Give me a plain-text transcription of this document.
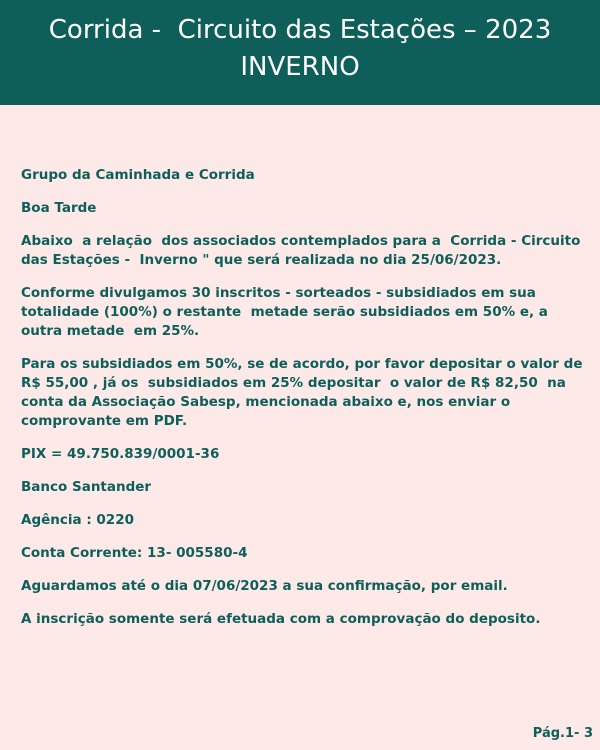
Corrida -  Circuito das Estações – 2023
INVERNO

Grupo da Caminhada e Corrida

Boa Tarde

Abaixo  a relação  dos associados contemplados para a  Corrida - Circuito das Estações -  Inverno " que será realizada no dia 25/06/2023.

Conforme divulgamos 30 inscritos - sorteados - subsidiados em sua totalidade (100%) o restante  metade serão subsidiados em 50% e, a outra metade  em 25%.

Para os subsidiados em 50%, se de acordo, por favor depositar o valor de R$ 55,00 , já os  subsidiados em 25% depositar  o valor de R$ 82,50  na conta da Associação Sabesp, mencionada abaixo e, nos enviar o comprovante em PDF.

PIX = 49.750.839/0001-36

Banco Santander

Agência : 0220

Conta Corrente: 13- 005580-4

Aguardamos até o dia 07/06/2023 a sua confirmação, por email.

A inscrição somente será efetuada com a comprovação do deposito.

Pág.1- 3
